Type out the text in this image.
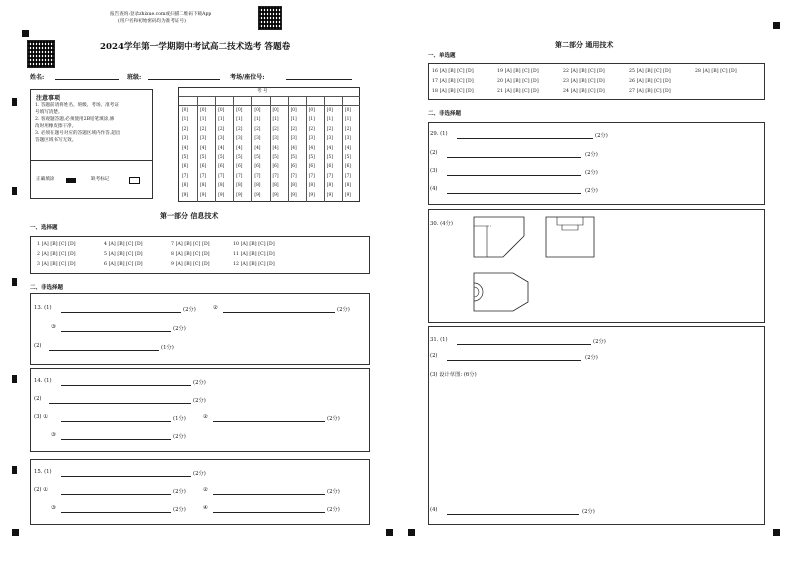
报告查询:登录zhixue.com或扫描二维码下载App
(用户名和初始密码均为准考证号)
2024学年第一学期期中考试高二技术选考 答题卷
姓名:	班级:	考场/座位号:
注意事项
1. 答题前请将姓名、班级、考场、准考证
号填写清楚。
2. 客观题答题,必须使用2B铅笔填涂,修
改时用橡皮擦干净。
3. 必须在题号对应的答题区域内作答,超出
答题区域书写无效。
正确填涂	缺考标记
考 号
[0]	[0]	[0]	[0]	[0]	[0]	[0]	[0]	[0]	[0]
[1]	[1]	[1]	[1]	[1]	[1]	[1]	[1]	[1]	[1]
[2]	[2]	[2]	[2]	[2]	[2]	[2]	[2]	[2]	[2]
[3]	[3]	[3]	[3]	[3]	[3]	[3]	[3]	[3]	[3]
[4]	[4]	[4]	[4]	[4]	[4]	[4]	[4]	[4]	[4]
[5]	[5]	[5]	[5]	[5]	[5]	[5]	[5]	[5]	[5]
[6]	[6]	[6]	[6]	[6]	[6]	[6]	[6]	[6]	[6]
[7]	[7]	[7]	[7]	[7]	[7]	[7]	[7]	[7]	[7]
[8]	[8]	[8]	[8]	[8]	[8]	[8]	[8]	[8]	[8]
[9]	[9]	[9]	[9]	[9]	[9]	[9]	[9]	[9]	[9]
第一部分 信息技术
一、选择题
1 [A] [B] [C] [D]	4 [A] [B] [C] [D]	7 [A] [B] [C] [D]	10 [A] [B] [C] [D]
2 [A] [B] [C] [D]	5 [A] [B] [C] [D]	8 [A] [B] [C] [D]	11 [A] [B] [C] [D]
3 [A] [B] [C] [D]	6 [A] [B] [C] [D]	9 [A] [B] [C] [D]	12 [A] [B] [C] [D]
二、非选择题
13. (1)	(2分)	②	(2分)
③	(2分)
(2)	(1分)
14. (1)	(2分)
(2)	(2分)
(3) ①	(1分)	②	(2分)
③	(2分)
15. (1)	(2分)
(2) ①	(2分)	②	(2分)
③	(2分)	④	(2分)
第二部分 通用技术
一、单选题
16 [A] [B] [C] [D]	19 [A] [B] [C] [D]	22 [A] [B] [C] [D]	25 [A] [B] [C] [D]	28 [A] [B] [C] [D]
17 [A] [B] [C] [D]	20 [A] [B] [C] [D]	23 [A] [B] [C] [D]	26 [A] [B] [C] [D]
18 [A] [B] [C] [D]	21 [A] [B] [C] [D]	24 [A] [B] [C] [D]	27 [A] [B] [C] [D]
二、非选择题
29. (1)	(2分)
(2)	(2分)
(3)	(2分)
(4)	(2分)
30. (4分)
31. (1)	(2分)
(2)	(2分)
(3) 设计草图: (6分)
(4)	(2分)
